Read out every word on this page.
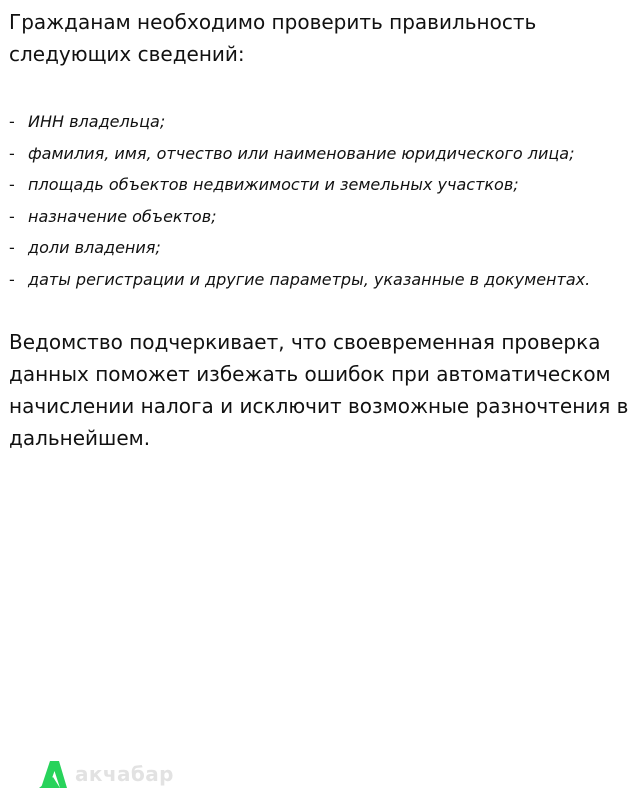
Гражданам необходимо проверить правильность следующих сведений:

- ИНН владельца;
- фамилия, имя, отчество или наименование юридического лица;
- площадь объектов недвижимости и земельных участков;
- назначение объектов;
- доли владения;
- даты регистрации и другие параметры, указанные в документах.

Ведомство подчеркивает, что своевременная проверка данных поможет избежать ошибок при автоматическом начислении налога и исключит возможные разночтения в дальнейшем.

акчабар
